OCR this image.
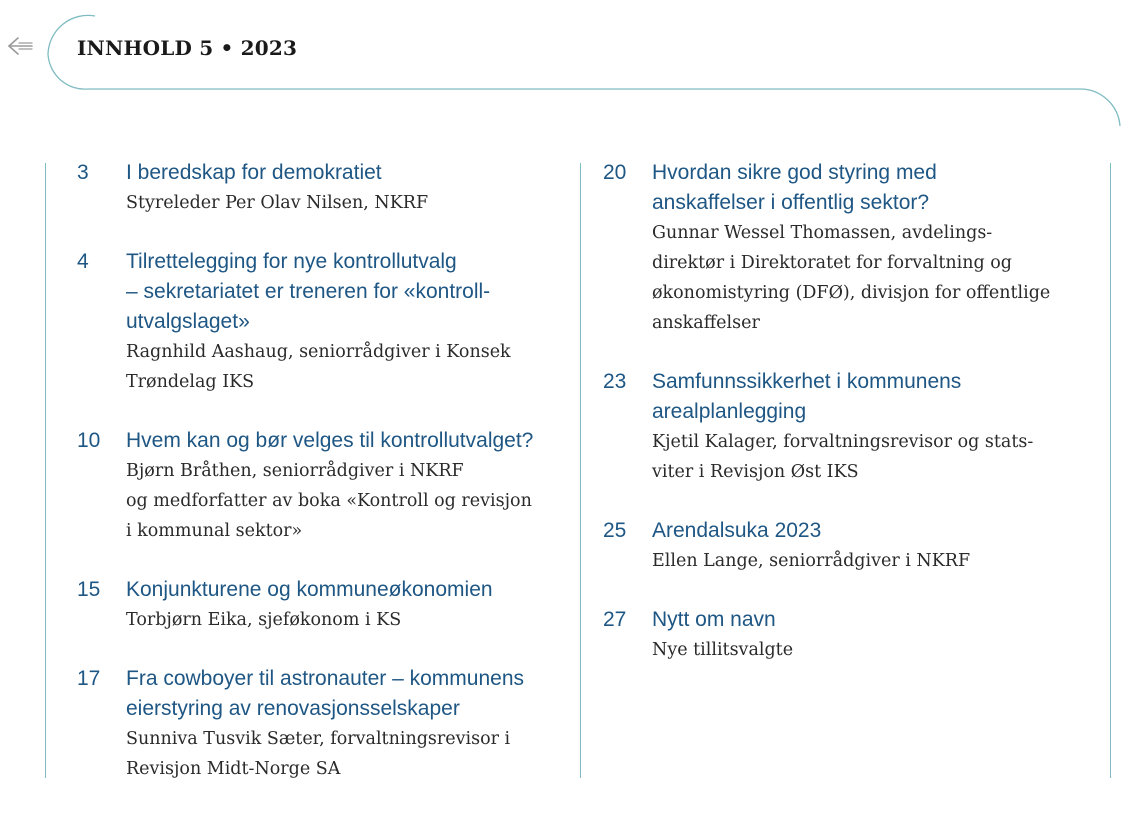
INNHOLD 5 • 2023
3 I beredskap for demokratiet
Styreleder Per Olav Nilsen, NKRF
4 Tilrettelegging for nye kontrollutvalg
– sekretariatet er treneren for «kontroll-
utvalgslaget»
Ragnhild Aashaug, seniorrådgiver i Konsek
Trøndelag IKS
10 Hvem kan og bør velges til kontrollutvalget?
Bjørn Bråthen, seniorrådgiver i NKRF
og medforfatter av boka «Kontroll og revisjon
i kommunal sektor»
15 Konjunkturene og kommuneøkonomien
Torbjørn Eika, sjeføkonom i KS
17 Fra cowboyer til astronauter – kommunens
eierstyring av renovasjonsselskaper
Sunniva Tusvik Sæter, forvaltningsrevisor i
Revisjon Midt-Norge SA
20 Hvordan sikre god styring med
anskaffelser i offentlig sektor?
Gunnar Wessel Thomassen, avdelings-
direktør i Direktoratet for forvaltning og
økonomistyring (DFØ), divisjon for offentlige
anskaffelser
23 Samfunnssikkerhet i kommunens
arealplanlegging
Kjetil Kalager, forvaltningsrevisor og stats-
viter i Revisjon Øst IKS
25 Arendalsuka 2023
Ellen Lange, seniorrådgiver i NKRF
27 Nytt om navn
Nye tillitsvalgte
